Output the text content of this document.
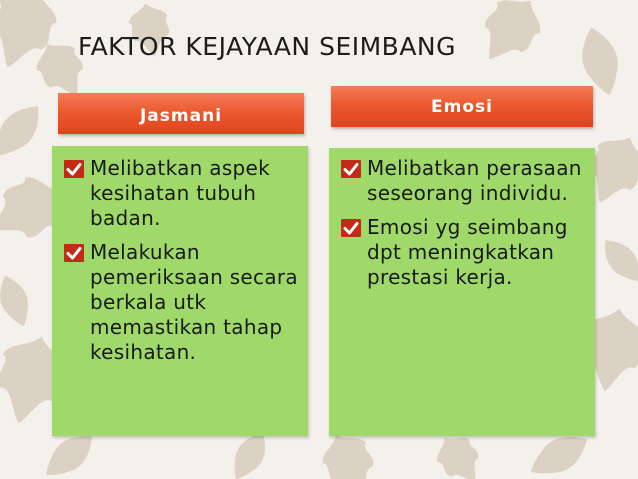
FAKTOR KEJAYAAN SEIMBANG
Jasmani	Emosi
Melibatkan aspek kesihatan tubuh badan.
Melakukan pemeriksaan secara berkala utk memastikan tahap kesihatan.
Melibatkan perasaan seseorang individu.
Emosi yg seimbang dpt meningkatkan prestasi kerja.
